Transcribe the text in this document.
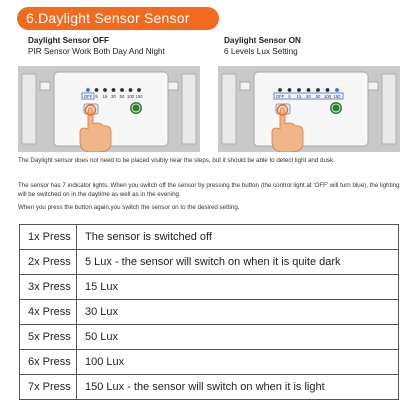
6.Daylight Sensor Sensor
Daylight Sensor OFF
PIR Sensor Work Both Day And Night
Daylight Sensor ON
6 Levels Lux Setting
OFF 5 15 30 50 100 150	OFF 5 15 30 50 100 150
The Daylight sensor does not need to be placed visibly near the steps, but it should be able to detect light and dusk.
The sensor has 7 indicator lights. When you switch off the sensor by pressing the button (the control light at 'OFF' will turn blue), the lighting will be switched on in the daytime as well as in the evening.
When you press the button again,you switch the sensor on to the desired setting.
1x Press	The sensor is switched off
2x Press	5 Lux - the sensor will switch on when it is quite dark
3x Press	15 Lux
4x Press	30 Lux
5x Press	50 Lux
6x Press	100 Lux
7x Press	150 Lux - the sensor will switch on when it is light
